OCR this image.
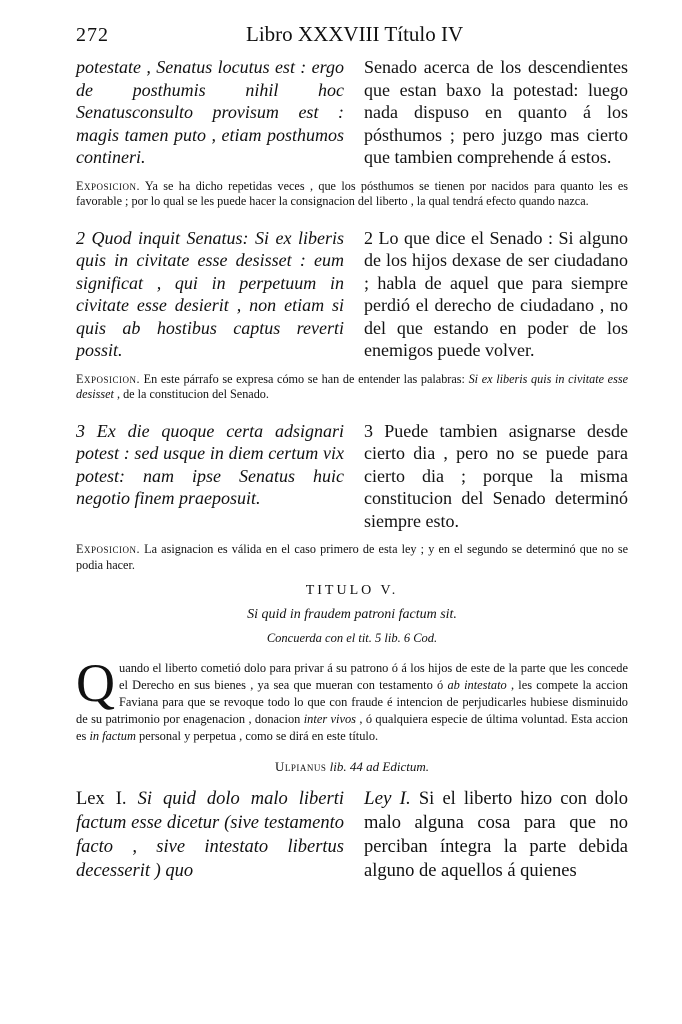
272	Libro XXXVIII Título IV
potestate , Senatus locutus est : ergo de posthumis nihil hoc Senatusconsulto provisum est : magis tamen puto , etiam posthumos contineri.
Senado acerca de los descendientes que estan baxo la potestad: luego nada dispuso en quanto á los pósthumos ; pero juzgo mas cierto que tambien comprehende á estos.
Exposicion. Ya se ha dicho repetidas veces , que los pósthumos se tienen por nacidos para quanto les es favorable ; por lo qual se les puede hacer la consignacion del liberto , la qual tendrá efecto quando nazca.
2 Quod inquit Senatus: Si ex liberis quis in civitate esse desisset : eum significat , qui in perpetuum in civitate esse desierit , non etiam si quis ab hostibus captus reverti possit.
2 Lo que dice el Senado : Si alguno de los hijos dexase de ser ciudadano ; habla de aquel que para siempre perdió el derecho de ciudadano , no del que estando en poder de los enemigos puede volver.
Exposicion. En este párrafo se expresa cómo se han de entender las palabras: Si ex liberis quis in civitate esse desisset , de la constitucion del Senado.
3 Ex die quoque certa adsignari potest : sed usque in diem certum vix potest: nam ipse Senatus huic negotio finem praeposuit.
3 Puede tambien asignarse desde cierto dia , pero no se puede para cierto dia ; porque la misma constitucion del Senado determinó siempre esto.
Exposicion. La asignacion es válida en el caso primero de esta ley ; y en el segundo se determinó que no se podia hacer.
TITULO V.
Si quid in fraudem patroni factum sit.
Concuerda con el tit. 5 lib. 6 Cod.
Q uando el liberto cometió dolo para privar á su patrono ó á los hijos de este de la parte que les concede el Derecho en sus bienes , ya sea que mueran con testamento ó ab intestato , les compete la accion Faviana para que se revoque todo lo que con fraude é intencion de perjudicarles hubiese disminuido de su patrimonio por enagenacion , donacion inter vivos , ó qualquiera especie de última voluntad. Esta accion es in factum personal y perpetua , como se dirá en este título.
Ulpianus lib. 44 ad Edictum.
Lex I. Si quid dolo malo liberti factum esse dicetur (sive testamento facto , sive intestato libertus decesserit ) quo
Ley I. Si el liberto hizo con dolo malo alguna cosa para que no perciban íntegra la parte debida alguno de aquellos á quienes
